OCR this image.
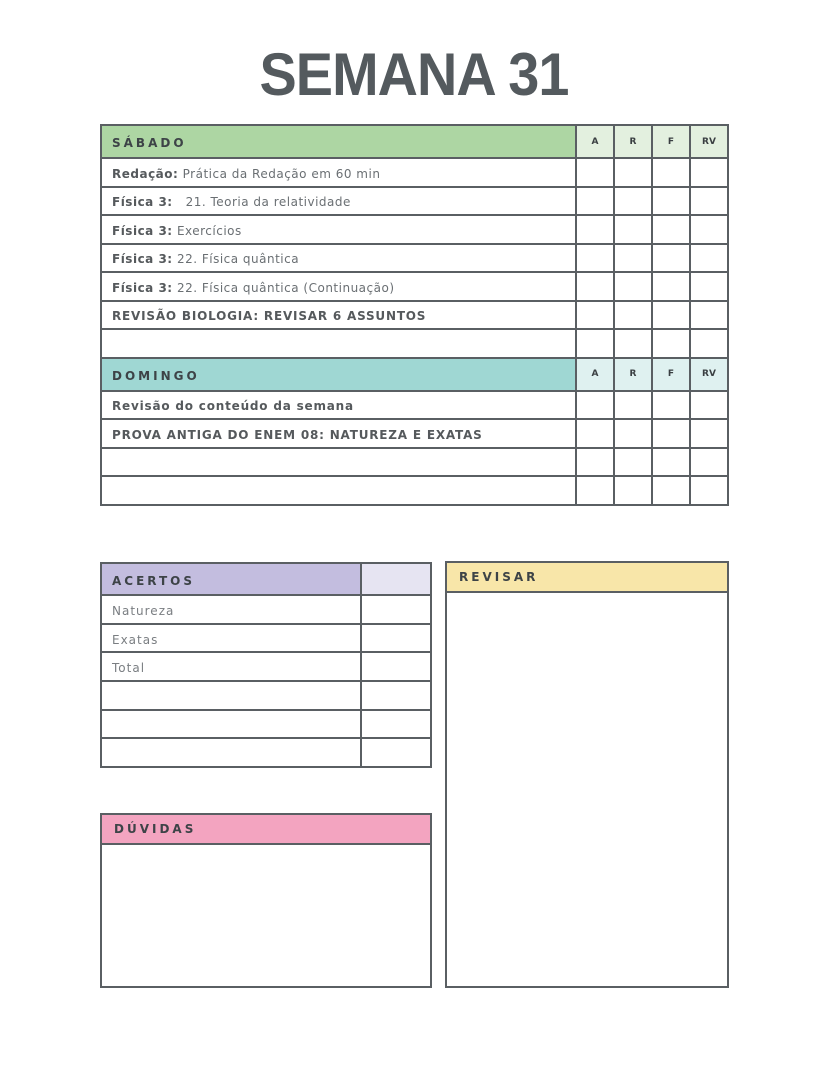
SEMANA 31
SÁBADO	A	R	F	RV
Redação: Prática da Redação em 60 min				
Física 3:   21. Teoria da relatividade				
Física 3: Exercícios				
Física 3: 22. Física quântica				
Física 3: 22. Física quântica (Continuação)				
REVISÃO BIOLOGIA: REVISAR 6 ASSUNTOS				

DOMINGO	A	R	F	RV
Revisão do conteúdo da semana				
PROVA ANTIGA DO ENEM 08: NATUREZA E EXATAS				

ACERTOS	
Natureza	
Exatas	
Total	

DÚVIDAS
REVISAR
